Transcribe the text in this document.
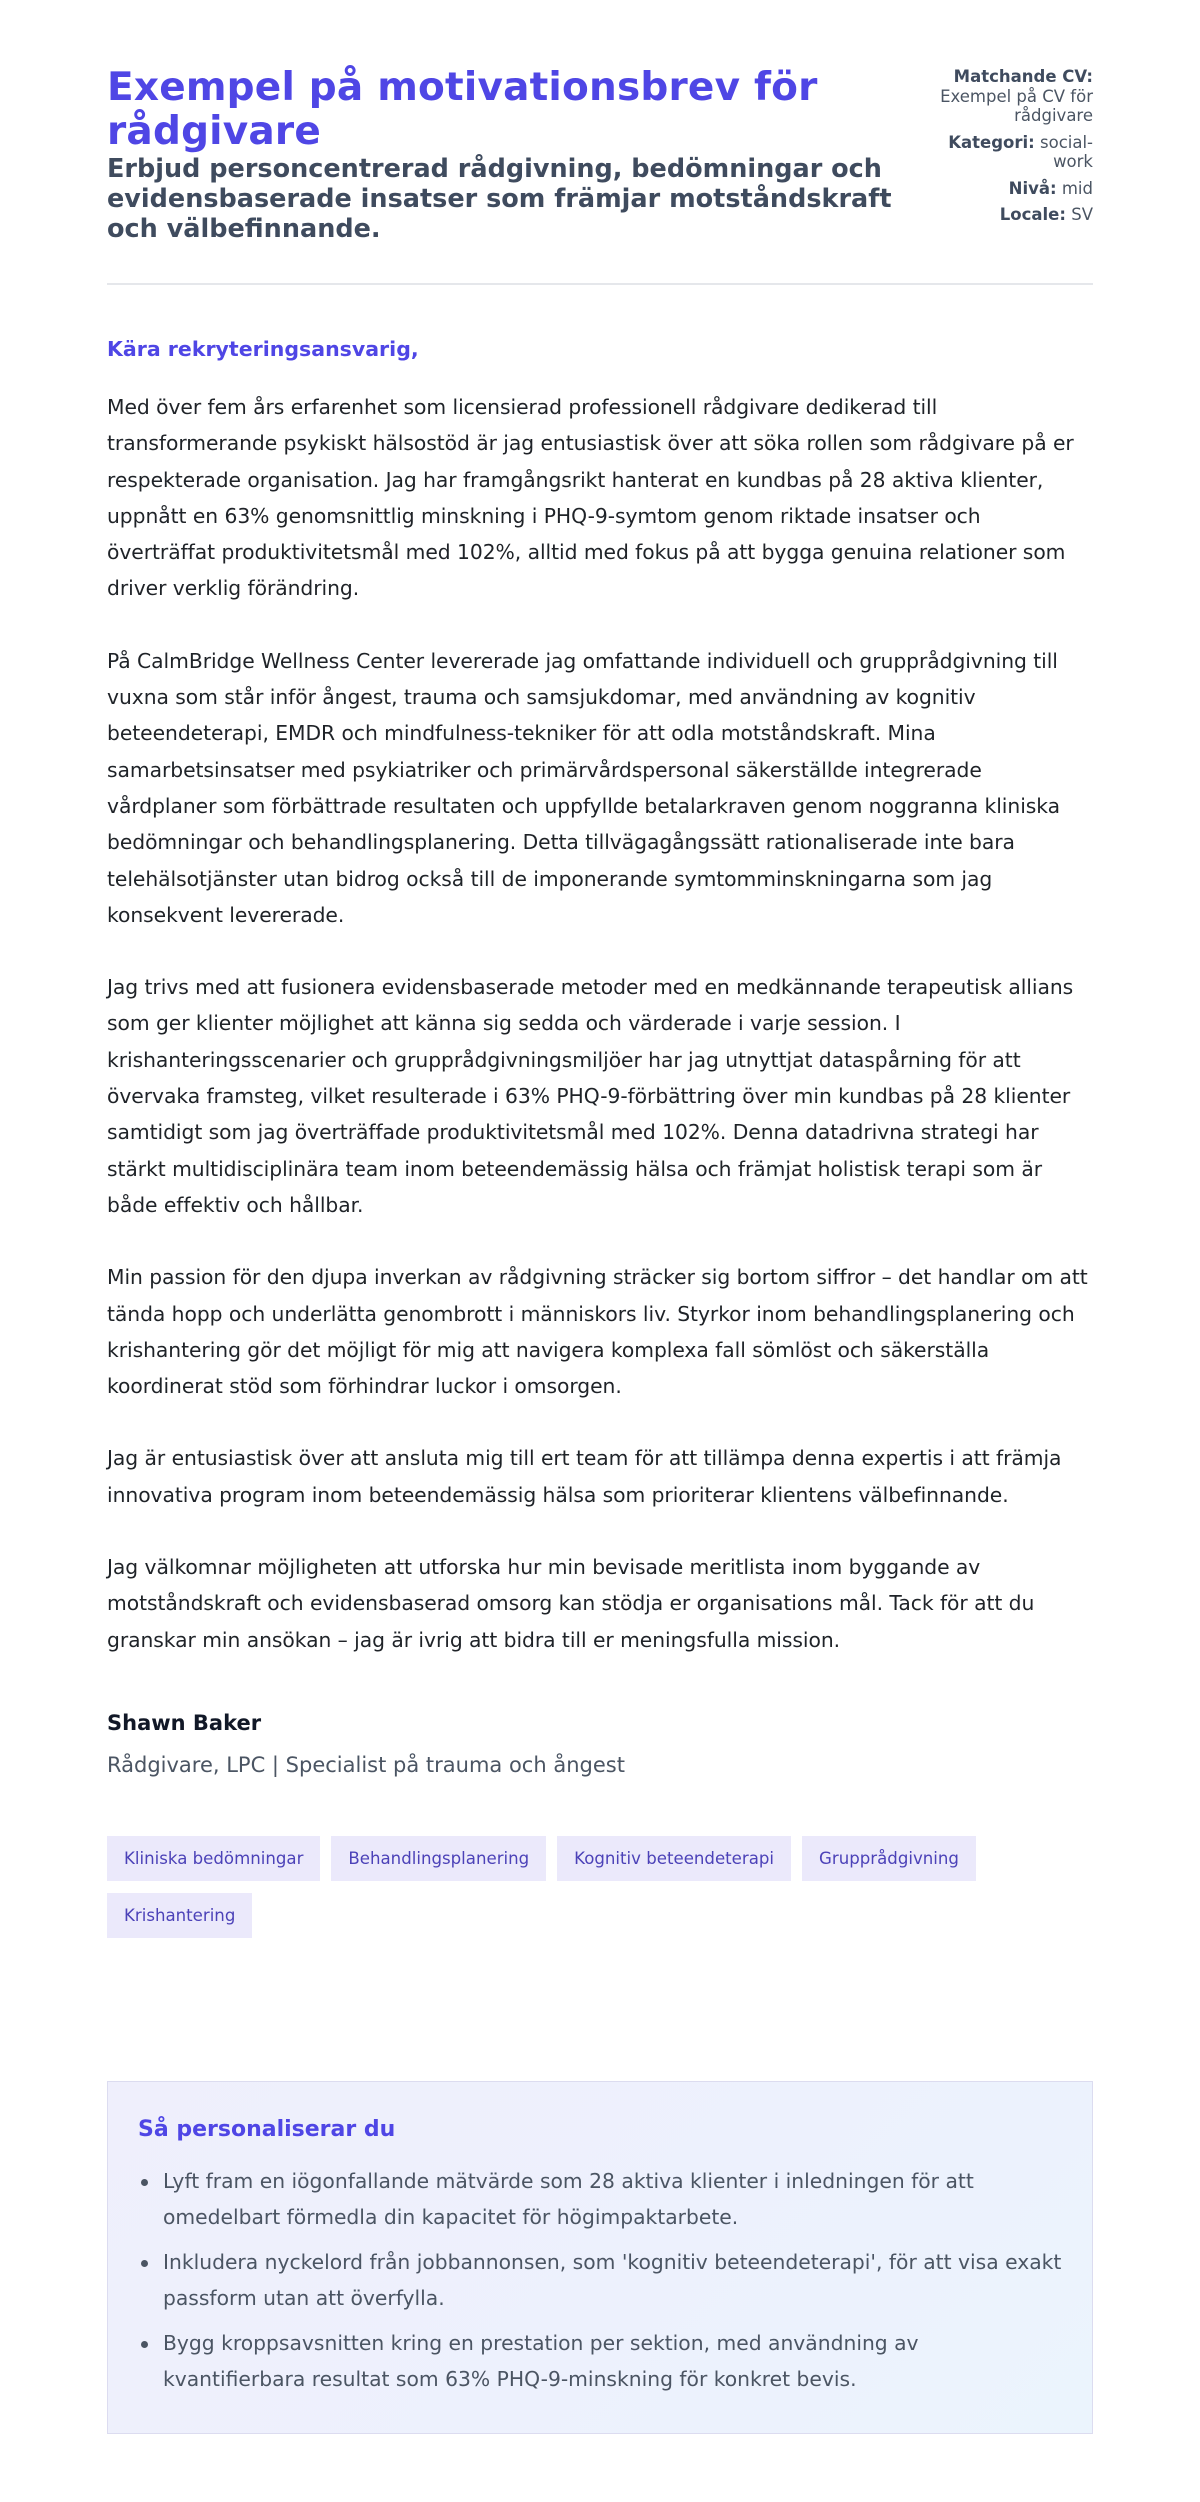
Exempel på motivationsbrev för rådgivare
Erbjud personcentrerad rådgivning, bedömningar och evidensbaserade insatser som främjar motståndskraft och välbefinnande.
Matchande CV: Exempel på CV för rådgivare
Kategori: social-work
Nivå: mid
Locale: SV

Kära rekryteringsansvarig,

Med över fem års erfarenhet som licensierad professionell rådgivare dedikerad till transformerande psykiskt hälsostöd är jag entusiastisk över att söka rollen som rådgivare på er respekterade organisation. Jag har framgångsrikt hanterat en kundbas på 28 aktiva klienter, uppnått en 63% genomsnittlig minskning i PHQ-9-symtom genom riktade insatser och överträffat produktivitetsmål med 102%, alltid med fokus på att bygga genuina relationer som driver verklig förändring.

På CalmBridge Wellness Center levererade jag omfattande individuell och grupprådgivning till vuxna som står inför ångest, trauma och samsjukdomar, med användning av kognitiv beteendeterapi, EMDR och mindfulness-tekniker för att odla motståndskraft. Mina samarbetsinsatser med psykiatriker och primärvårdspersonal säkerställde integrerade vårdplaner som förbättrade resultaten och uppfyllde betalarkraven genom noggranna kliniska bedömningar och behandlingsplanering. Detta tillvägagångssätt rationaliserade inte bara telehälsotjänster utan bidrog också till de imponerande symtomminskningarna som jag konsekvent levererade.

Jag trivs med att fusionera evidensbaserade metoder med en medkännande terapeutisk allians som ger klienter möjlighet att känna sig sedda och värderade i varje session. I krishanteringsscenarier och grupprådgivningsmiljöer har jag utnyttjat dataspårning för att övervaka framsteg, vilket resulterade i 63% PHQ-9-förbättring över min kundbas på 28 klienter samtidigt som jag överträffade produktivitetsmål med 102%. Denna datadrivna strategi har stärkt multidisciplinära team inom beteendemässig hälsa och främjat holistisk terapi som är både effektiv och hållbar.

Min passion för den djupa inverkan av rådgivning sträcker sig bortom siffror – det handlar om att tända hopp och underlätta genombrott i människors liv. Styrkor inom behandlingsplanering och krishantering gör det möjligt för mig att navigera komplexa fall sömlöst och säkerställa koordinerat stöd som förhindrar luckor i omsorgen.

Jag är entusiastisk över att ansluta mig till ert team för att tillämpa denna expertis i att främja innovativa program inom beteendemässig hälsa som prioriterar klientens välbefinnande.

Jag välkomnar möjligheten att utforska hur min bevisade meritlista inom byggande av motståndskraft och evidensbaserad omsorg kan stödja er organisations mål. Tack för att du granskar min ansökan – jag är ivrig att bidra till er meningsfulla mission.

Shawn Baker
Rådgivare, LPC | Specialist på trauma och ångest
Kliniska bedömningar	Behandlingsplanering	Kognitiv beteendeterapi	Grupprådgivning
Krishantering
Så personaliserar du
Lyft fram en iögonfallande mätvärde som 28 aktiva klienter i inledningen för att omedelbart förmedla din kapacitet för högimpaktarbete.
Inkludera nyckelord från jobbannonsen, som 'kognitiv beteendeterapi', för att visa exakt passform utan att överfylla.
Bygg kroppsavsnitten kring en prestation per sektion, med användning av kvantifierbara resultat som 63% PHQ-9-minskning för konkret bevis.
